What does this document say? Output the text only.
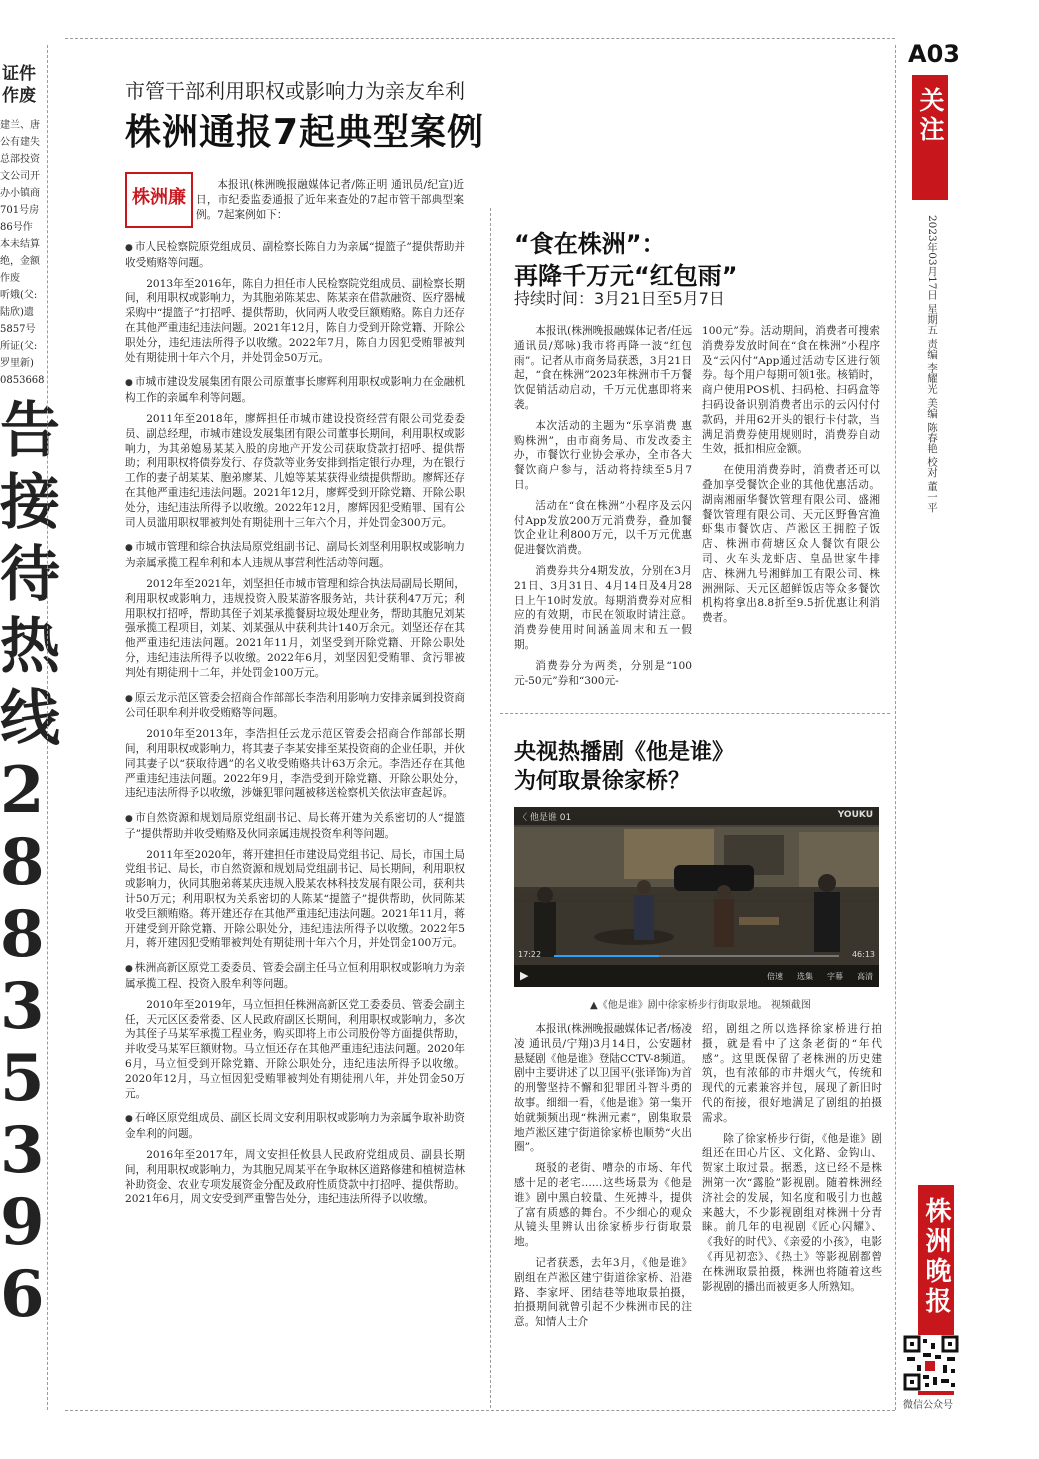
证件
作废
建兰、唐
公有建失
总部投资
文公司开
办小镇商
701号房
86号作
本未结算
绝，金额
作废
听娥(父:
陆欣)遗
5857号
所证(父:
罗里新)
0853668
告
接
待
热
线
2
8
8
3
5
3
9
6
A03
关注
2023年03月17日 星期五 责编 李耀光 美编 陈春艳 校对 董一平
株洲晚报
微信公众号
市管干部利用职权或影响力为亲友牟利
株洲通报7起典型案例
株洲廉
本报讯(株洲晚报融媒体记者/陈正明 通讯员/纪宣)近日，市纪委监委通报了近年来查处的7起市管干部典型案例。7起案例如下：

● 市人民检察院原党组成员、副检察长陈自力为亲属“提篮子”提供帮助并收受贿赂等问题。

2013年至2016年，陈自力担任市人民检察院党组成员、副检察长期间，利用职权或影响力，为其胞弟陈某忠、陈某亲在借款融资、医疗器械采购中“提篮子”打招呼、提供帮助，伙同两人收受巨额贿赂。陈自力还存在其他严重违纪违法问题。2021年12月，陈自力受到开除党籍、开除公职处分，违纪违法所得予以收缴。2022年7月，陈自力因犯受贿罪被判处有期徒刑十年六个月，并处罚金50万元。

● 市城市建设发展集团有限公司原董事长廖辉利用职权或影响力在金融机构工作的亲属牟利等问题。

2011年至2018年，廖辉担任市城市建设投资经营有限公司党委委员、副总经理，市城市建设发展集团有限公司董事长期间，利用职权或影响力，为其弟媳易某某入股的房地产开发公司获取贷款打招呼、提供帮助；利用职权将债券发行、存贷款等业务安排到指定银行办理，为在银行工作的妻子胡某某、胞弟廖某、儿媳等某某获得业绩提供帮助。廖辉还存在其他严重违纪违法问题。2021年12月，廖辉受到开除党籍、开除公职处分，违纪违法所得予以收缴。2022年12月，廖辉因犯受贿罪、国有公司人员滥用职权罪被判处有期徒刑十三年六个月，并处罚金300万元。

● 市城市管理和综合执法局原党组副书记、副局长刘坚利用职权或影响力为亲属承揽工程牟利和本人违规从事营利性活动等问题。

2012年至2021年，刘坚担任市城市管理和综合执法局副局长期间，利用职权或影响力，违规投资入股某游客服务站，共计获利47万元；利用职权打招呼，帮助其侄子刘某承揽餐厨垃圾处理业务，帮助其胞兄刘某强承揽工程项目，刘某、刘某强从中获利共计140万余元。刘坚还存在其他严重违纪违法问题。2021年11月，刘坚受到开除党籍、开除公职处分，违纪违法所得予以收缴。2022年6月，刘坚因犯受贿罪、贪污罪被判处有期徒刑十二年，并处罚金100万元。

● 原云龙示范区管委会招商合作部部长李浩利用影响力安排亲属到投资商公司任职牟利并收受贿赂等问题。

2010年至2013年，李浩担任云龙示范区管委会招商合作部部长期间，利用职权或影响力，将其妻子李某安排至某投资商的企业任职，并伙同其妻子以“获取待遇”的名义收受贿赂共计63万余元。李浩还存在其他严重违纪违法问题。2022年9月，李浩受到开除党籍、开除公职处分，违纪违法所得予以收缴，涉嫌犯罪问题被移送检察机关依法审查起诉。

● 市自然资源和规划局原党组副书记、局长蒋开建为关系密切的人“提篮子”提供帮助并收受贿赂及伙同亲属违规投资牟利等问题。

2011年至2020年，蒋开建担任市建设局党组书记、局长，市国土局党组书记、局长，市自然资源和规划局党组副书记、局长期间，利用职权或影响力，伙同其胞弟蒋某庆违规入股某农林科技发展有限公司，获利共计50万元；利用职权为关系密切的人陈某“提篮子”提供帮助，伙同陈某收受巨额贿赂。蒋开建还存在其他严重违纪违法问题。2021年11月，蒋开建受到开除党籍、开除公职处分，违纪违法所得予以收缴。2022年5月，蒋开建因犯受贿罪被判处有期徒刑十年六个月，并处罚金100万元。

● 株洲高新区原党工委委员、管委会副主任马立恒利用职权或影响力为亲属承揽工程、投资入股牟利等问题。

2010年至2019年，马立恒担任株洲高新区党工委委员、管委会副主任，天元区区委常委、区人民政府副区长期间，利用职权或影响力，多次为其侄子马某军承揽工程业务，购买即将上市公司股份等方面提供帮助，并收受马某军巨额财物。马立恒还存在其他严重违纪违法问题。2020年6月，马立恒受到开除党籍、开除公职处分，违纪违法所得予以收缴。2020年12月，马立恒因犯受贿罪被判处有期徒刑八年，并处罚金50万元。

● 石峰区原党组成员、副区长周文安利用职权或影响力为亲属争取补助资金牟利的问题。

2016年至2017年，周文安担任攸县人民政府党组成员、副县长期间，利用职权或影响力，为其胞兄周某平在争取林区道路修建和植树造林补助资金、农业专项发展资金分配及政府性质贷款中打招呼、提供帮助。2021年6月，周文安受到严重警告处分，违纪违法所得予以收缴。

“食在株洲”：
再降千万元“红包雨”
持续时间：3月21日至5月7日

本报讯(株洲晚报融媒体记者/任远 通讯员/郑咏)我市将再降一波“红包雨”。记者从市商务局获悉，3月21日起，“食在株洲”2023年株洲市千万餐饮促销活动启动，千万元优惠即将来袭。

本次活动的主题为“乐享消费 惠购株洲”，由市商务局、市发改委主办，市餐饮行业协会承办，全市各大餐饮商户参与，活动将持续至5月7日。

活动在“食在株洲”小程序及云闪付App发放200万元消费券，叠加餐饮企业让利800万元，以千万元优惠促进餐饮消费。

消费券共分4期发放，分别在3月21日、3月31日、4月14日及4月28日上午10时发放。每期消费券对应相应的有效期，市民在领取时请注意。消费券使用时间涵盖周末和五一假期。

消费券分为两类，分别是“100元-50元”券和“300元-

100元”券。活动期间，消费者可搜索消费券发放时间在“食在株洲”小程序及“云闪付”App通过活动专区进行领券。每个用户每期可领1张。核销时，商户使用POS机、扫码枪、扫码盒等扫码设备识别消费者出示的云闪付付款码，并用62开头的银行卡付款，当满足消费券使用规则时，消费券自动生效，抵扣相应金额。

在使用消费券时，消费者还可以叠加享受餐饮企业的其他优惠活动。湖南湘丽华餐饮管理有限公司、盛湘餐饮管理有限公司、天元区野鲁宫渔虾集市餐饮店、芦淞区王拥腔子饭店、株洲市荷塘区众人餐饮有限公司、火车头龙虾店、皇品世家牛排店、株洲九号湘鲜加工有限公司、株洲洲际、天元区超鲜饭店等众多餐饮机构将拿出8.8折至9.5折优惠让利消费者。

央视热播剧《他是谁》
为何取景徐家桥？
〈 他是谁 01	YOUKU
17:22	46:13
▶	倍速 选集 字幕 高清
▲《他是谁》剧中徐家桥步行街取景地。 视频截图

本报讯(株洲晚报融媒体记者/杨凌凌 通讯员/宁翔)3月14日，公安题材悬疑剧《他是谁》登陆CCTV-8频道。剧中主要讲述了以卫国平(张译饰)为首的刑警坚持不懈和犯罪团斗智斗勇的故事。细细一看，《他是谁》第一集开始就频频出现“株洲元素”，剧集取景地芦淞区建宁街道徐家桥也顺势“火出圈”。

斑驳的老街、嘈杂的市场、年代感十足的老宅……这些场景为《他是谁》剧中黑白较量、生死搏斗，提供了富有质感的舞台。不少细心的观众从镜头里辨认出徐家桥步行街取景地。

记者获悉，去年3月，《他是谁》剧组在芦淞区建宁街道徐家桥、沿港路、李家坪、团结巷等地取景拍摄，拍摄期间就曾引起不少株洲市民的注意。知情人士介

绍，剧组之所以选择徐家桥进行拍摄，就是看中了这条老街的“年代感”。这里既保留了老株洲的历史建筑，也有浓郁的市井烟火气，传统和现代的元素兼容并包，展现了新旧时代的衔接，很好地满足了剧组的拍摄需求。

除了徐家桥步行街，《他是谁》剧组还在田心片区、文化路、金钩山、贺家土取过景。据悉，这已经不是株洲第一次“露脸”影视剧。随着株洲经济社会的发展，知名度和吸引力也越来越大，不少影视剧组对株洲十分青睐。前几年的电视剧《匠心闪耀》、《我好的时代》、《亲爱的小孩》，电影《再见初恋》、《热土》等影视剧都曾在株洲取景拍摄，株洲也将随着这些影视剧的播出而被更多人所熟知。
